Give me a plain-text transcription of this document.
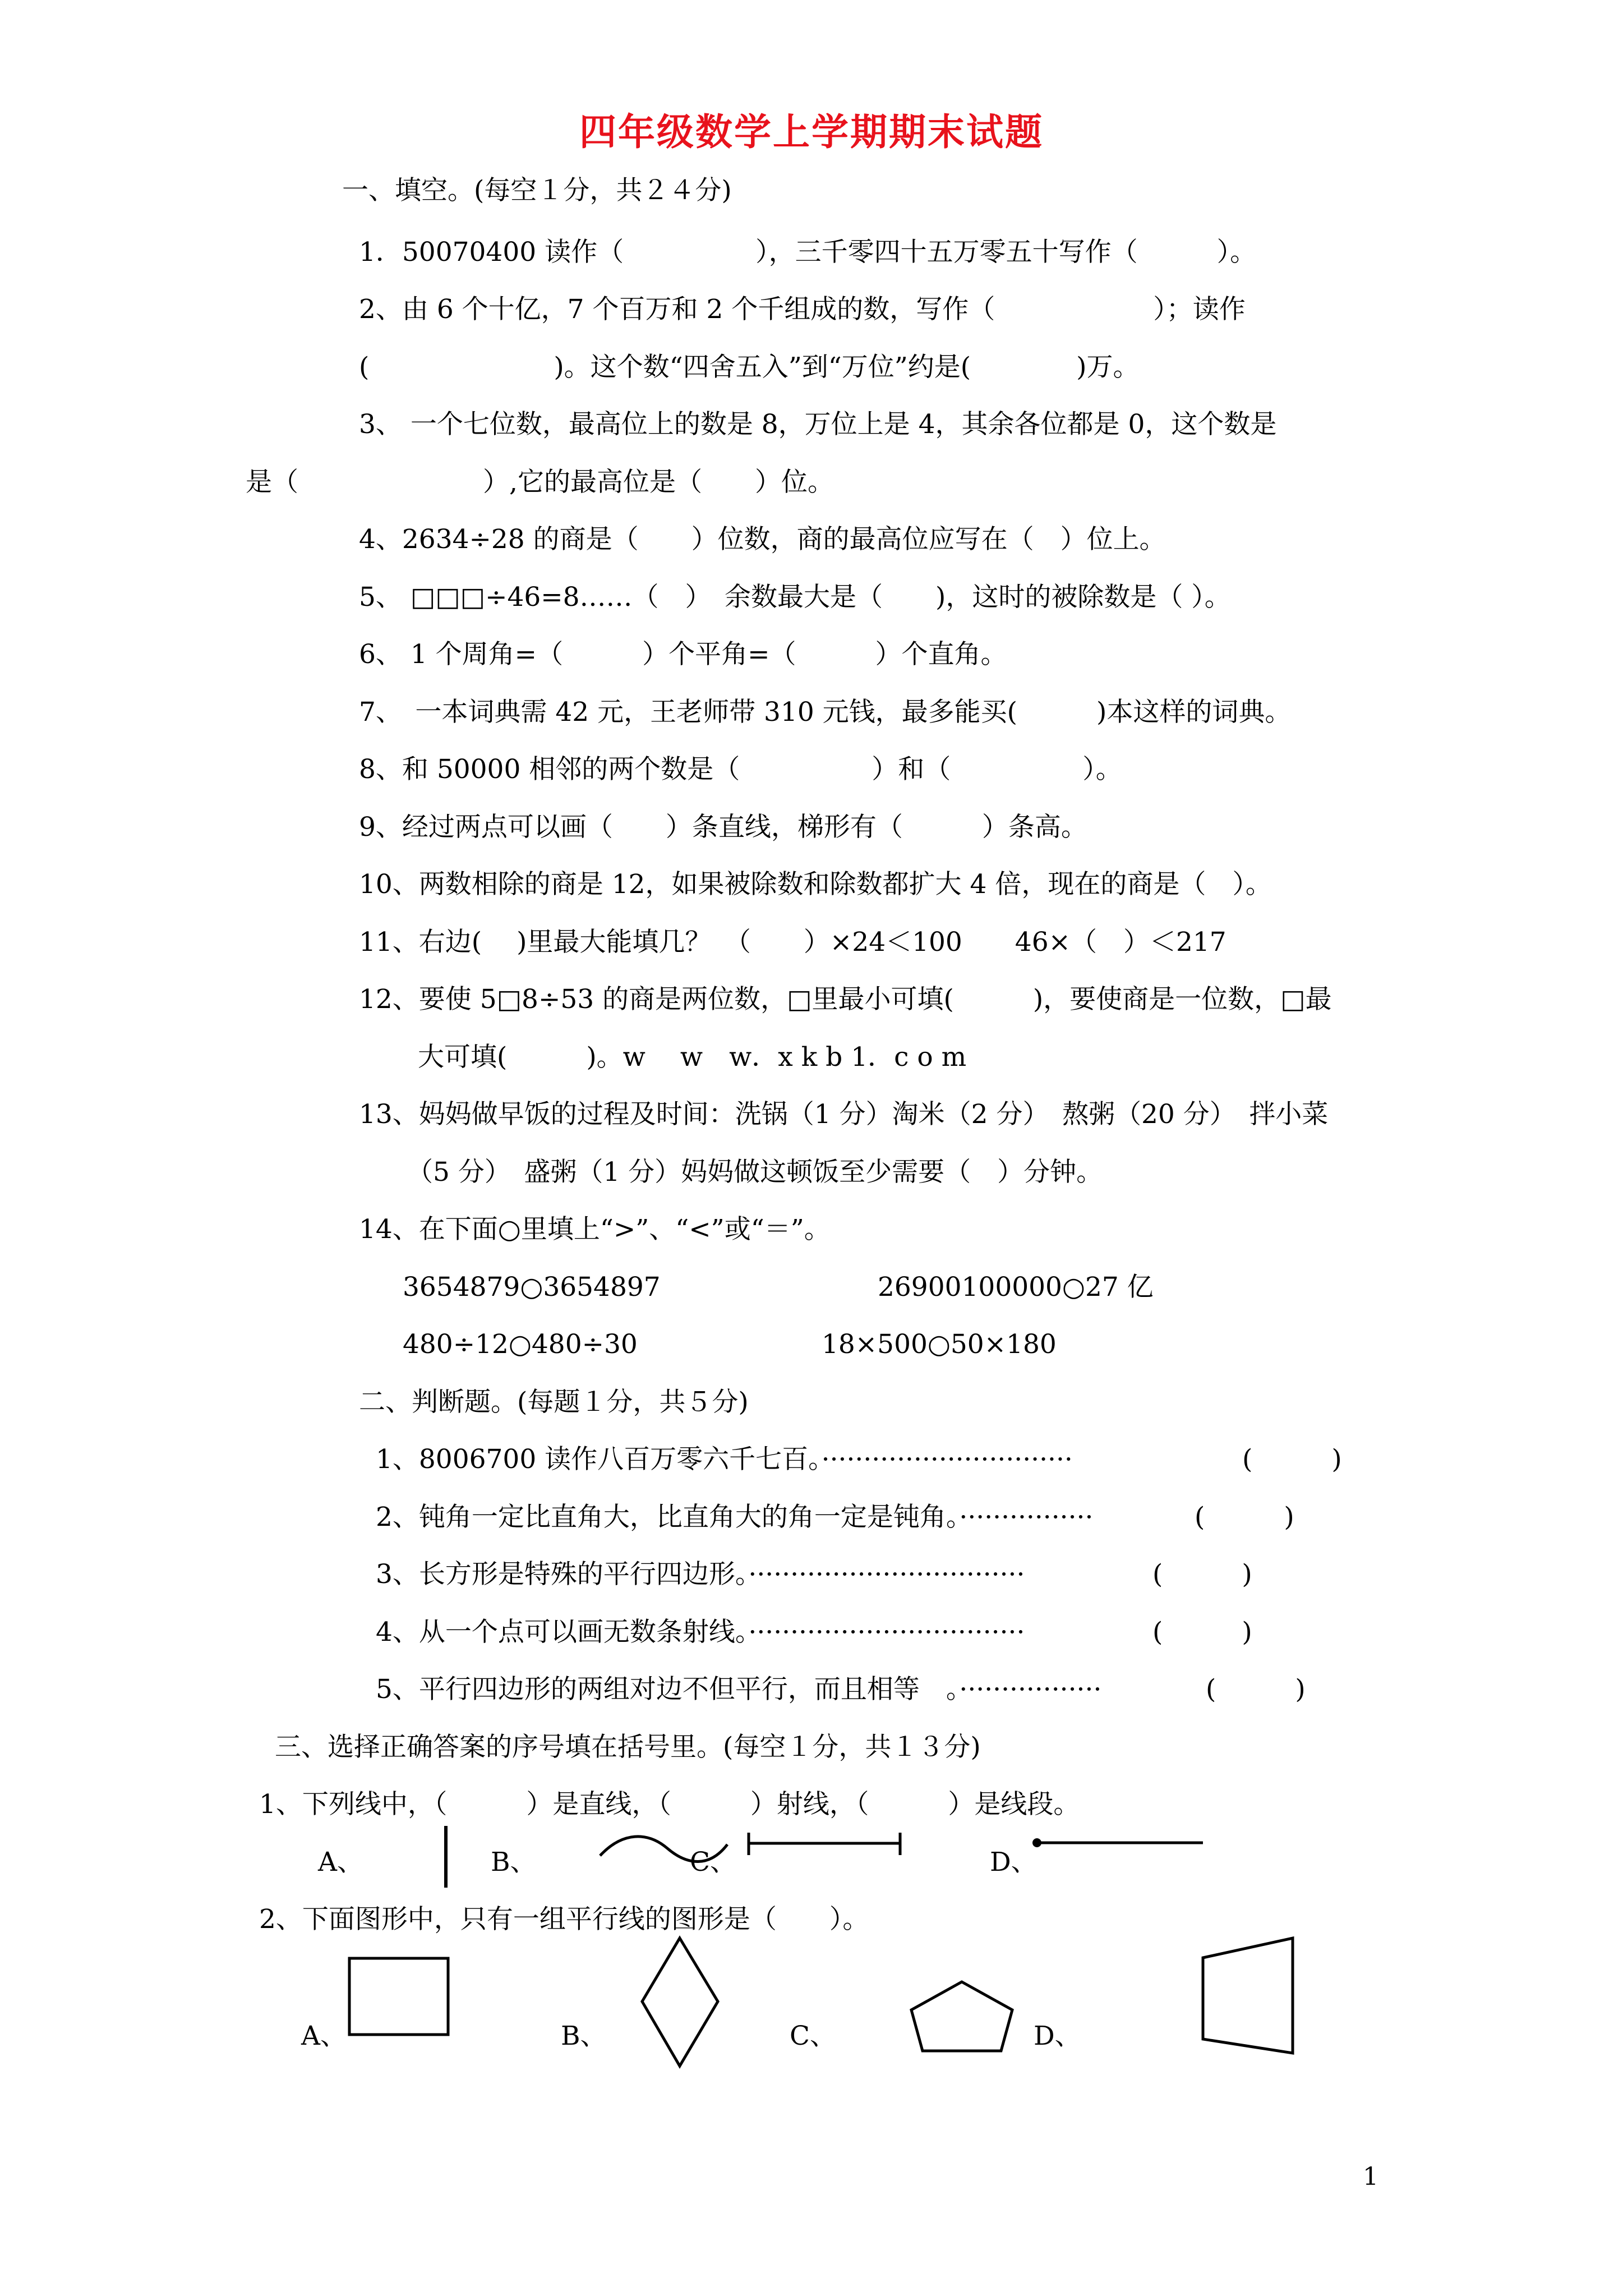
四年级数学上学期期末试题
一、填空。(每空１分，共２４分)
1．50070400 读作（　　　　　），三千零四十五万零五十写作（　　　）。
2、由 6 个十亿，7 个百万和 2 个千组成的数，写作（　　　　　　）；读作
(　　　　　　　)。这个数“四舍五入”到“万位”约是(　　　　)万。
3、 一个七位数，最高位上的数是 8，万位上是 4，其余各位都是 0，这个数是
是（　　　　　　　）,它的最高位是（　　）位。
4、2634÷28 的商是（　　）位数，商的最高位应写在（　）位上。
5、 □□□÷46=8……（　）　余数最大是（　　)，这时的被除数是（ ）。
6、 1 个周角=（　　　）个平角=（　　　）个直角。
7、　一本词典需 42 元，王老师带 310 元钱，最多能买(　　　)本这样的词典。
8、和 50000 相邻的两个数是（　　　　　）和（　　　　　）。
9、经过两点可以画（　　）条直线，梯形有（　　　）条高。
10、两数相除的商是 12，如果被除数和除数都扩大 4 倍，现在的商是（　）。
11、右边(　 )里最大能填几？　（　　）×24＜100　　46×（　）＜217
12、要使 5□8÷53 的商是两位数，□里最小可填(　　　)，要使商是一位数，□最
大可填(　　　)。w　 w　w．x k b 1．c o m
13、妈妈做早饭的过程及时间：洗锅（1 分）淘米（2 分）　熬粥（20 分）　拌小菜
（5 分）　盛粥（1 分）妈妈做这顿饭至少需要（　）分钟。
14、在下面○里填上“>”、“<”或“＝”。
3654879○3654897	26900100000○27 亿
480÷12○480÷30	18×500○50×180
二、判断题。(每题１分，共５分)
1、8006700 读作八百万零六千七百。······························	(　　　)
2、钝角一定比直角大，比直角大的角一定是钝角。················	(　　　)
3、长方形是特殊的平行四边形。·································	(　　　)
4、从一个点可以画无数条射线。·································	(　　　)
5、平行四边形的两组对边不但平行，而且相等　。·················	(　　　)
三、选择正确答案的序号填在括号里。(每空１分，共１３分)
1、下列线中，（　　　）是直线，（　　　）射线，（　　　）是线段。
A、	B、	C、	D、
2、下面图形中，只有一组平行线的图形是（　　）。
A、	B、	C、	D、
1
